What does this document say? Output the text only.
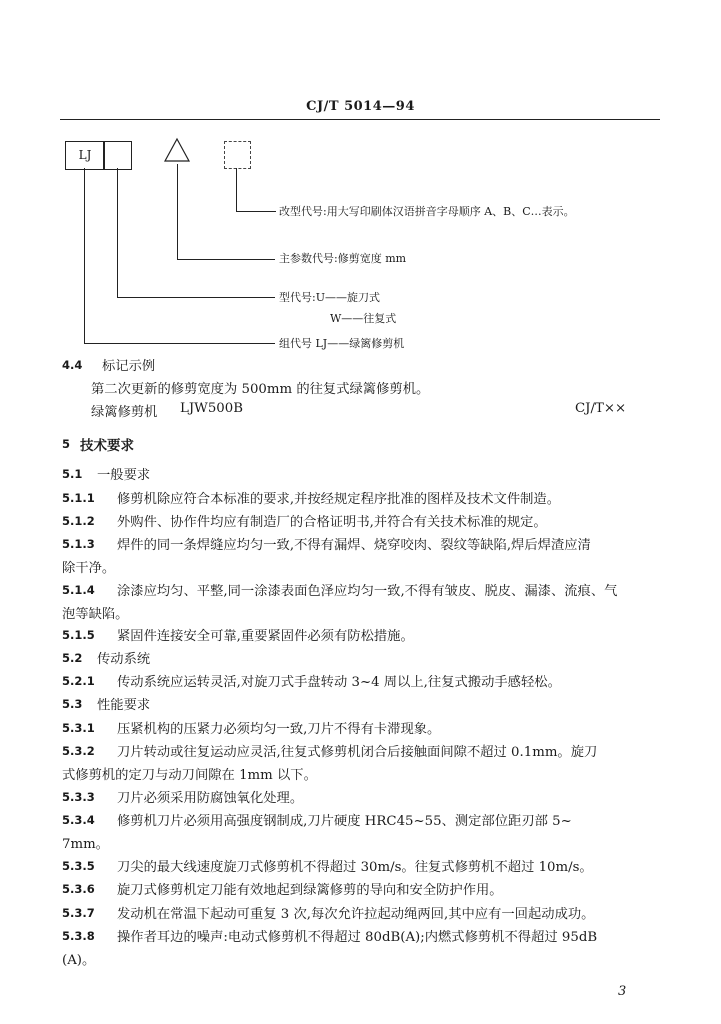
CJ/T 5014—94
LJ
改型代号:用大写印刷体汉语拼音字母顺序 A、B、C…表示。
主参数代号:修剪宽度 mm
型代号:U——旋刀式
W——往复式
组代号 LJ——绿篱修剪机
4.4 标记示例
第二次更新的修剪宽度为 500mm 的往复式绿篱修剪机。
绿篱修剪机 LJW500B	CJ/T××
5 技术要求
5.1 一般要求
5.1.1 修剪机除应符合本标准的要求,并按经规定程序批准的图样及技术文件制造。
5.1.2 外购件、协作件均应有制造厂的合格证明书,并符合有关技术标准的规定。
5.1.3 焊件的同一条焊缝应均匀一致,不得有漏焊、烧穿咬肉、裂纹等缺陷,焊后焊渣应清
除干净。
5.1.4 涂漆应均匀、平整,同一涂漆表面色泽应均匀一致,不得有皱皮、脱皮、漏漆、流痕、气
泡等缺陷。
5.1.5 紧固件连接安全可靠,重要紧固件必须有防松措施。
5.2 传动系统
5.2.1 传动系统应运转灵活,对旋刀式手盘转动 3~4 周以上,往复式搬动手感轻松。
5.3 性能要求
5.3.1 压紧机构的压紧力必须均匀一致,刀片不得有卡滞现象。
5.3.2 刀片转动或往复运动应灵活,往复式修剪机闭合后接触面间隙不超过 0.1mm。旋刀
式修剪机的定刀与动刀间隙在 1mm 以下。
5.3.3 刀片必须采用防腐蚀氧化处理。
5.3.4 修剪机刀片必须用高强度钢制成,刀片硬度 HRC45~55、测定部位距刃部 5~
7mm。
5.3.5 刀尖的最大线速度旋刀式修剪机不得超过 30m/s。往复式修剪机不超过 10m/s。
5.3.6 旋刀式修剪机定刀能有效地起到绿篱修剪的导向和安全防护作用。
5.3.7 发动机在常温下起动可重复 3 次,每次允许拉起动绳两回,其中应有一回起动成功。
5.3.8 操作者耳边的噪声:电动式修剪机不得超过 80dB(A);内燃式修剪机不得超过 95dB
(A)。
3
